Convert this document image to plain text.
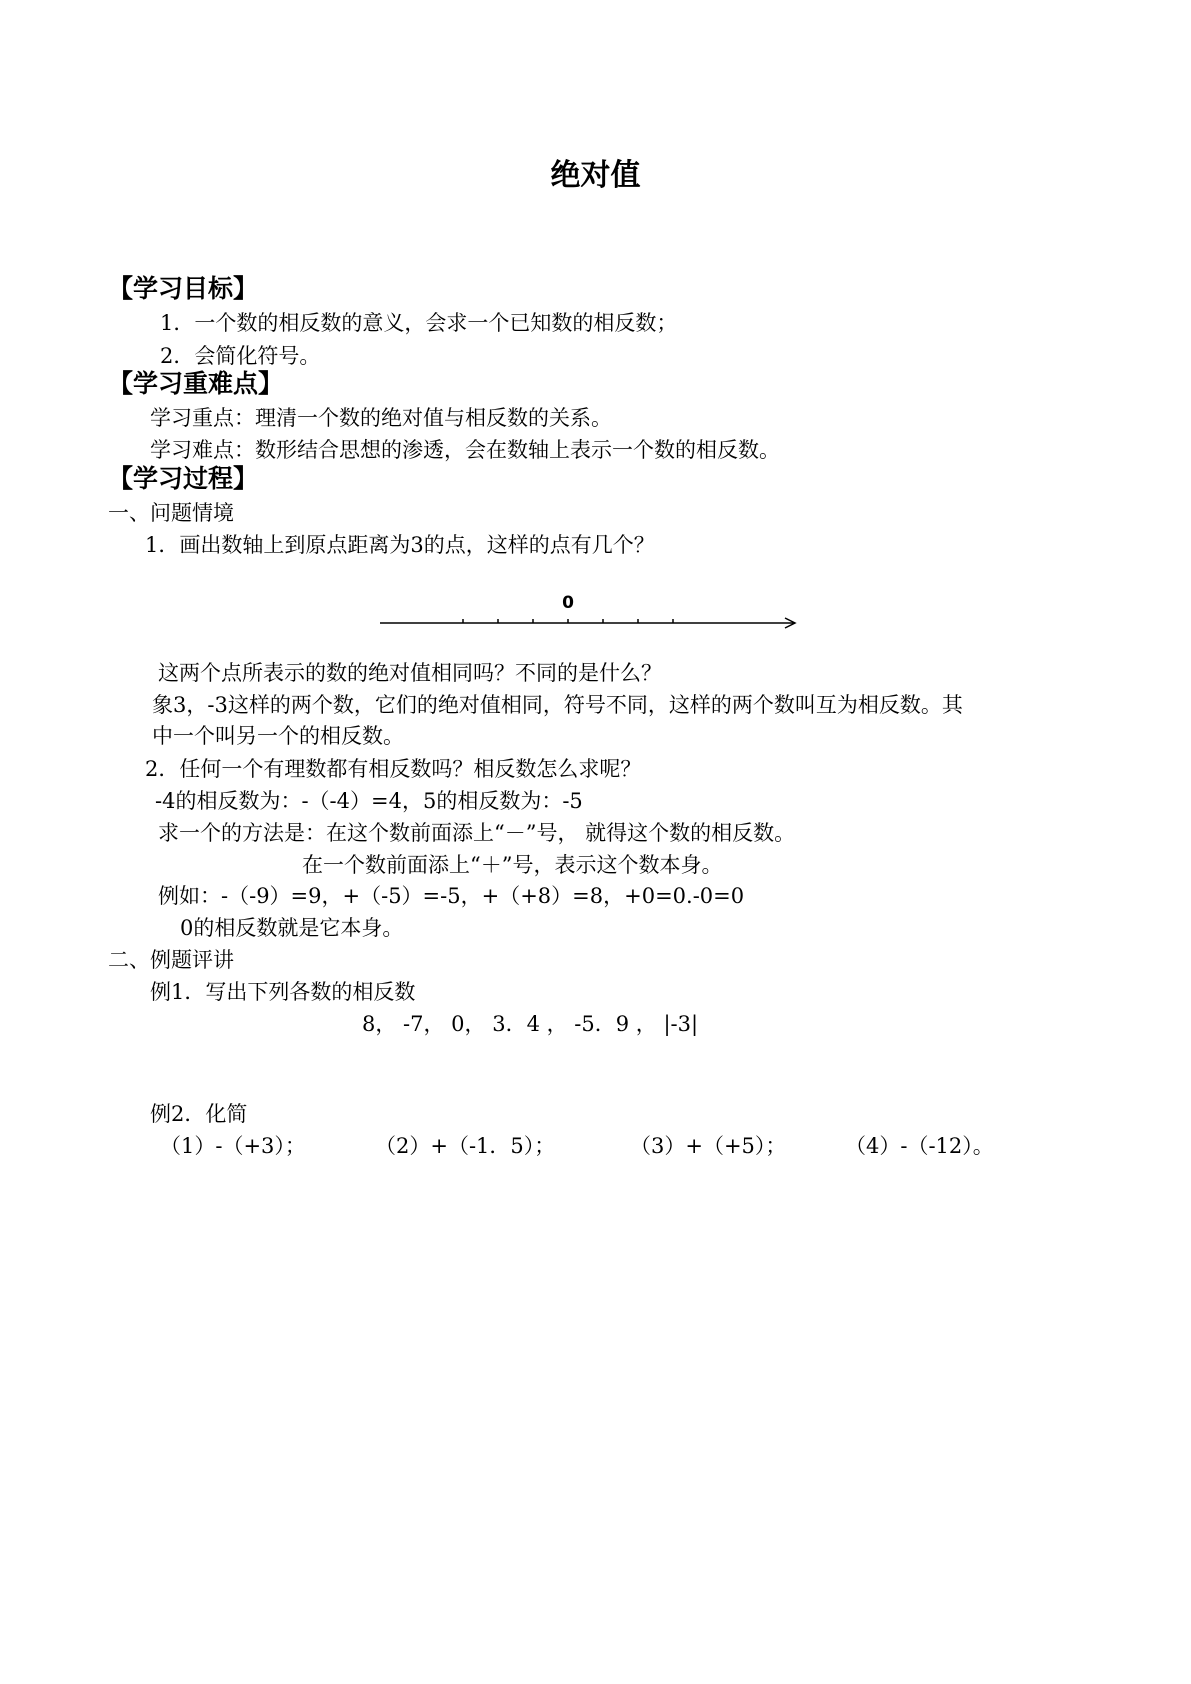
绝对值
【学习目标】
1．一个数的相反数的意义，会求一个已知数的相反数；
2．会简化符号。
【学习重难点】
学习重点：理清一个数的绝对值与相反数的关系。
学习难点：数形结合思想的渗透，会在数轴上表示一个数的相反数。
【学习过程】
一、问题情境
1．画出数轴上到原点距离为3的点，这样的点有几个？
0
这两个点所表示的数的绝对值相同吗？不同的是什么？
象3，-3这样的两个数，它们的绝对值相同，符号不同，这样的两个数叫互为相反数。其
中一个叫另一个的相反数。
2．任何一个有理数都有相反数吗？相反数怎么求呢？
-4的相反数为：-（-4）=4，5的相反数为：-5
求一个的方法是：在这个数前面添上“－”号， 就得这个数的相反数。
在一个数前面添上“＋”号，表示这个数本身。
例如：-（-9）=9，+（-5）=-5，+（+8）=8，+0=0.-0=0
0的相反数就是它本身。
二、例题评讲
例1．写出下列各数的相反数
8， -7， 0， 3．4 ， -5．9 ， |-3|
例2．化简
（1）-（+3）；	（2）+（-1．5）；	（3）+（+5）；	（4）-（-12）。
